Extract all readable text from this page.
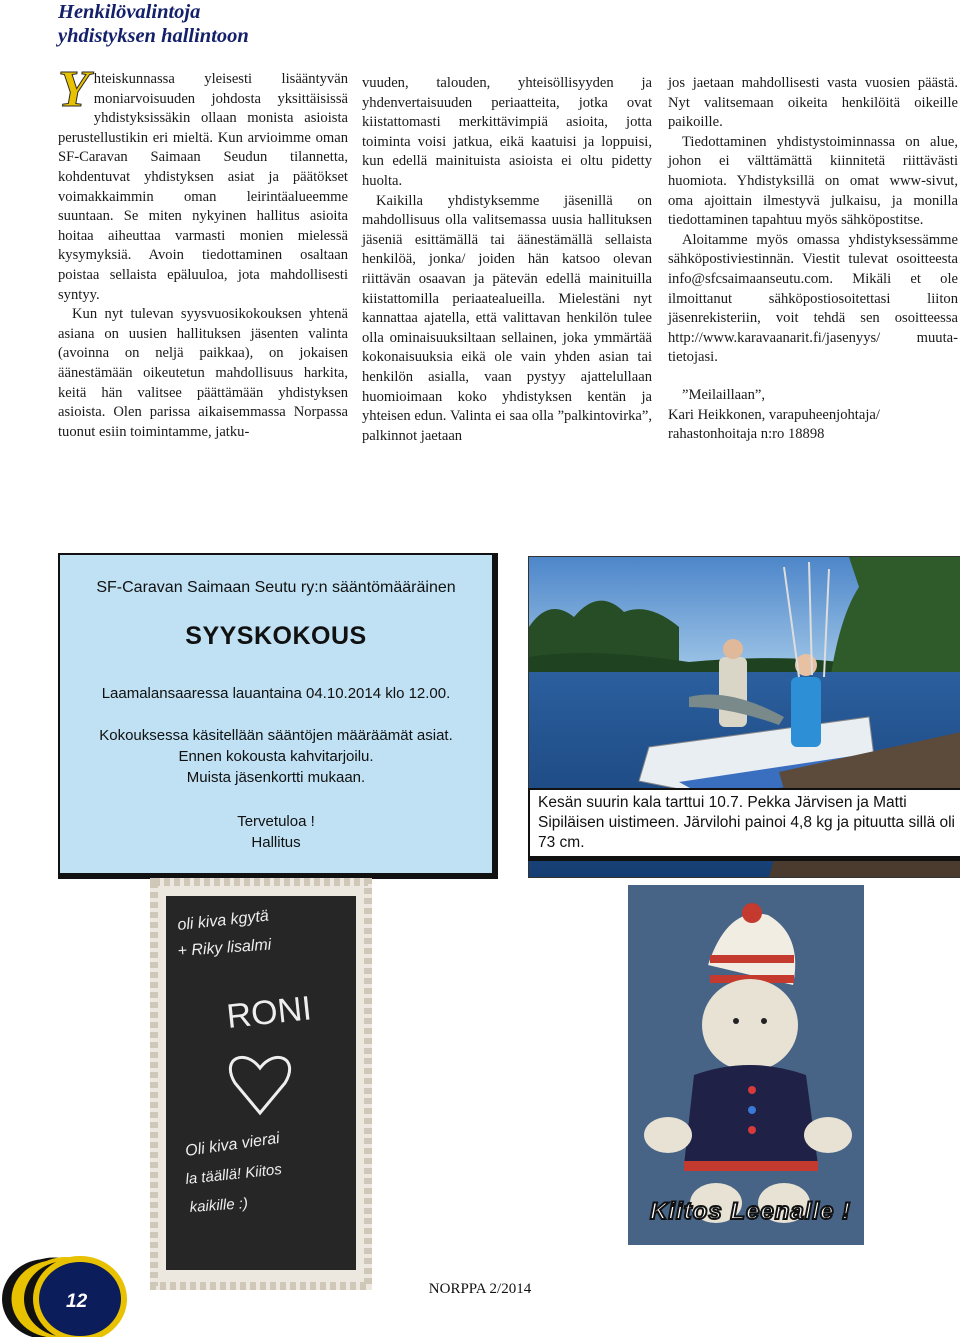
Henkilövalintoja
yhdistyksen hallintoon

Yhteiskunnassa yleisesti lisääntyvän moniarvoisuuden johdosta yksittäisissä yhdistyksissäkin ollaan monista asioista perustellustikin eri mieltä. Kun arvioimme oman SF-Caravan Saimaan Seudun tilannetta, kohdentuvat yhdistyksen asiat ja päätökset voimakkaimmin oman leirintäalueemme suuntaan. Se miten nykyinen hallitus asioita hoitaa aiheuttaa varmasti monien mielessä kysymyksiä. Avoin tiedottaminen osaltaan poistaa sellaista epäluuloa, jota mahdollisesti syntyy.

Kun nyt tulevan syysvuosikokouksen yhtenä asiana on uusien hallituksen jäsenten valinta (avoinna on neljä paikkaa), on jokaisen äänestämään oikeutetun mahdollisuus harkita, keitä hän valitsee päättämään yhdistyksen asioista. Olen parissa aikaisemmassa Norpassa tuonut esiin toimintamme, jatku-

vuuden, talouden, yhteisöllisyyden ja yhdenvertaisuuden periaatteita, jotka ovat kiistattomasti merkittävimpiä asioita, jotta toiminta voisi jatkua, eikä kaatuisi ja loppuisi, kun edellä mainituista asioista ei oltu pidetty huolta.

Kaikilla yhdistyksemme jäsenillä on mahdollisuus olla valitsemassa uusia hallituksen jäseniä esittämällä tai äänestämällä sellaista henkilöä, jonka/ joiden hän katsoo olevan riittävän osaavan ja pätevän edellä mainituilla kiistattomilla periaatealueilla. Mielestäni nyt kannattaa ajatella, että valittavan henkilön tulee olla ominaisuuksiltaan sellainen, joka ymmärtää kokonaisuuksia eikä ole vain yhden asian tai henkilön asialla, vaan pystyy ajattelullaan huomioimaan koko yhdistyksen kentän ja yhteisen edun. Valinta ei saa olla ”palkintovirka”, palkinnot jaetaan

jos jaetaan mahdollisesti vasta vuosien päästä. Nyt valitsemaan oikeita henkilöitä oikeille paikoille.

Tiedottaminen yhdistystoiminnassa on alue, johon ei välttämättä kiinnitetä riittävästi huomiota. Yhdistyksillä on omat www-sivut, oma ajoittain ilmestyvä julkaisu, ja monilla tiedottaminen tapahtuu myös sähköpostitse.

Aloitamme myös omassa yhdistyksessämme sähköpostiviestinnän. Viestit tulevat osoitteesta info@sfcsaimaanseutu.com. Mikäli et ole ilmoittanut sähköpostiosoitettasi liiton jäsenrekisteriin, voit tehdä sen osoitteessa http://www.karavaanarit.fi/jasenyys/ muuta-tietojasi.

”Meilaillaan”,

Kari Heikkonen, varapuheenjohtaja/

rahastonhoitaja n:ro 18898

SF-Caravan Saimaan Seutu ry:n sääntömääräinen
SYYSKOKOUS
Laamalansaaressa lauantaina 04.10.2014 klo 12.00.
Kokouksessa käsitellään sääntöjen määräämät asiat.
Ennen kokousta kahvitarjoilu.
Muista jäsenkortti mukaan.
Tervetuloa !
Hallitus
Kesän suurin kala tarttui 10.7. Pekka Järvisen ja Matti Sipiläisen uistimeen. Järvilohi painoi 4,8 kg ja pituutta sillä oli 73 cm.
oli kiva kgytä
+ Riky lisalmi
RONI
Oli kiva vierai
la täällä! Kiitos
kaikille :)	Kiitos Leenalle !
12
NORPPA 2/2014
